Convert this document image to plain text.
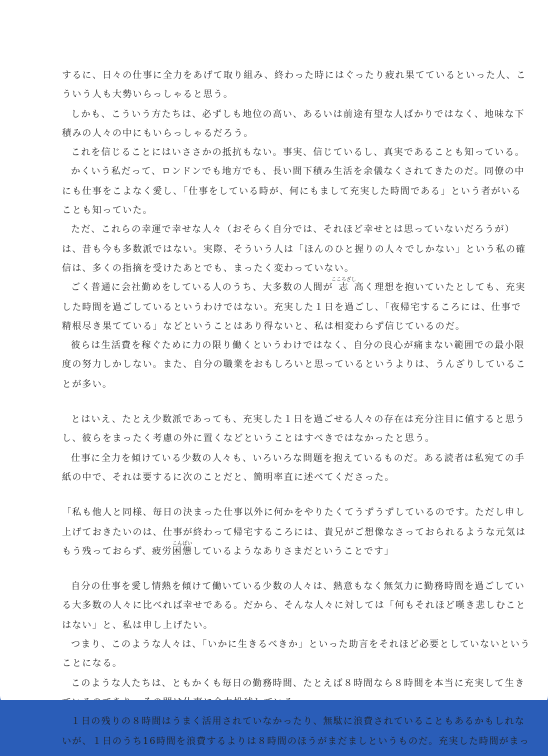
するに、日々の仕事に全力をあげて取り組み、終わった時にはぐったり疲れ果てているといった人、こ
ういう人も大勢いらっしゃると思う。
しかも、こういう方たちは、必ずしも地位の高い、あるいは前途有望な人ばかりではなく、地味な下
積みの人々の中にもいらっしゃるだろう。
これを信じることにはいささかの抵抗もない。事実、信じているし、真実であることも知っている。
かくいう私だって、ロンドンでも地方でも、長い間下積み生活を余儀なくされてきたのだ。同僚の中
にも仕事をこよなく愛し、「仕事をしている時が、何にもまして充実した時間である」という者がいる
ことも知っていた。
ただ、これらの幸運で幸せな人々（おそらく自分では、それほど幸せとは思っていないだろうが）
は、昔も今も多数派ではない。実際、そういう人は「ほんのひと握りの人々でしかない」という私の確
信は、多くの指摘を受けたあとでも、まったく変わっていない。
ごく普通に会社勤めをしている人のうち、大多数の人間が志こころざし高く理想を抱いていたとしても、充実
した時間を過ごしているというわけではない。充実した１日を過ごし、「夜帰宅するころには、仕事で
精根尽き果てている」などということはあり得ないと、私は相変わらず信じているのだ。
彼らは生活費を稼ぐために力の限り働くというわけではなく、自分の良心が痛まない範囲での最小限
度の努力しかしない。また、自分の職業をおもしろいと思っているというよりは、うんざりしているこ
とが多い。
とはいえ、たとえ少数派であっても、充実した１日を過ごせる人々の存在は充分注目に値すると思う
し、彼らをまったく考慮の外に置くなどということはすべきではなかったと思う。
仕事に全力を傾けている少数の人々も、いろいろな問題を抱えているものだ。ある読者は私宛ての手
紙の中で、それは要するに次のことだと、簡明率直に述べてくださった。
「私も他人と同様、毎日の決まった仕事以外に何かをやりたくてうずうずしているのです。ただし申し
上げておきたいのは、仕事が終わって帰宅するころには、貴兄がご想像なさっておられるような元気は
もう残っておらず、疲労困憊こんぱいしているようなありさまだということです」
自分の仕事を愛し情熱を傾けて働いている少数の人々は、熱意もなく無気力に勤務時間を過ごしてい
る大多数の人々に比べれば幸せである。だから、そんな人々に対しては「何もそれほど嘆き悲しむこと
はない」と、私は申し上げたい。
つまり、このような人々は、「いかに生きるべきか」といった助言をそれほど必要としていないという
ことになる。
このような人たちは、ともかくも毎日の勤務時間、たとえば８時間なら８時間を本当に充実して生き
１日の残りの８時間はうまく活用されていなかったり、無駄に浪費されていることもあるかもしれな
いが、１日のうち16時間を浪費するよりは８時間のほうがまだましというものだ。充実した時間がまっ
